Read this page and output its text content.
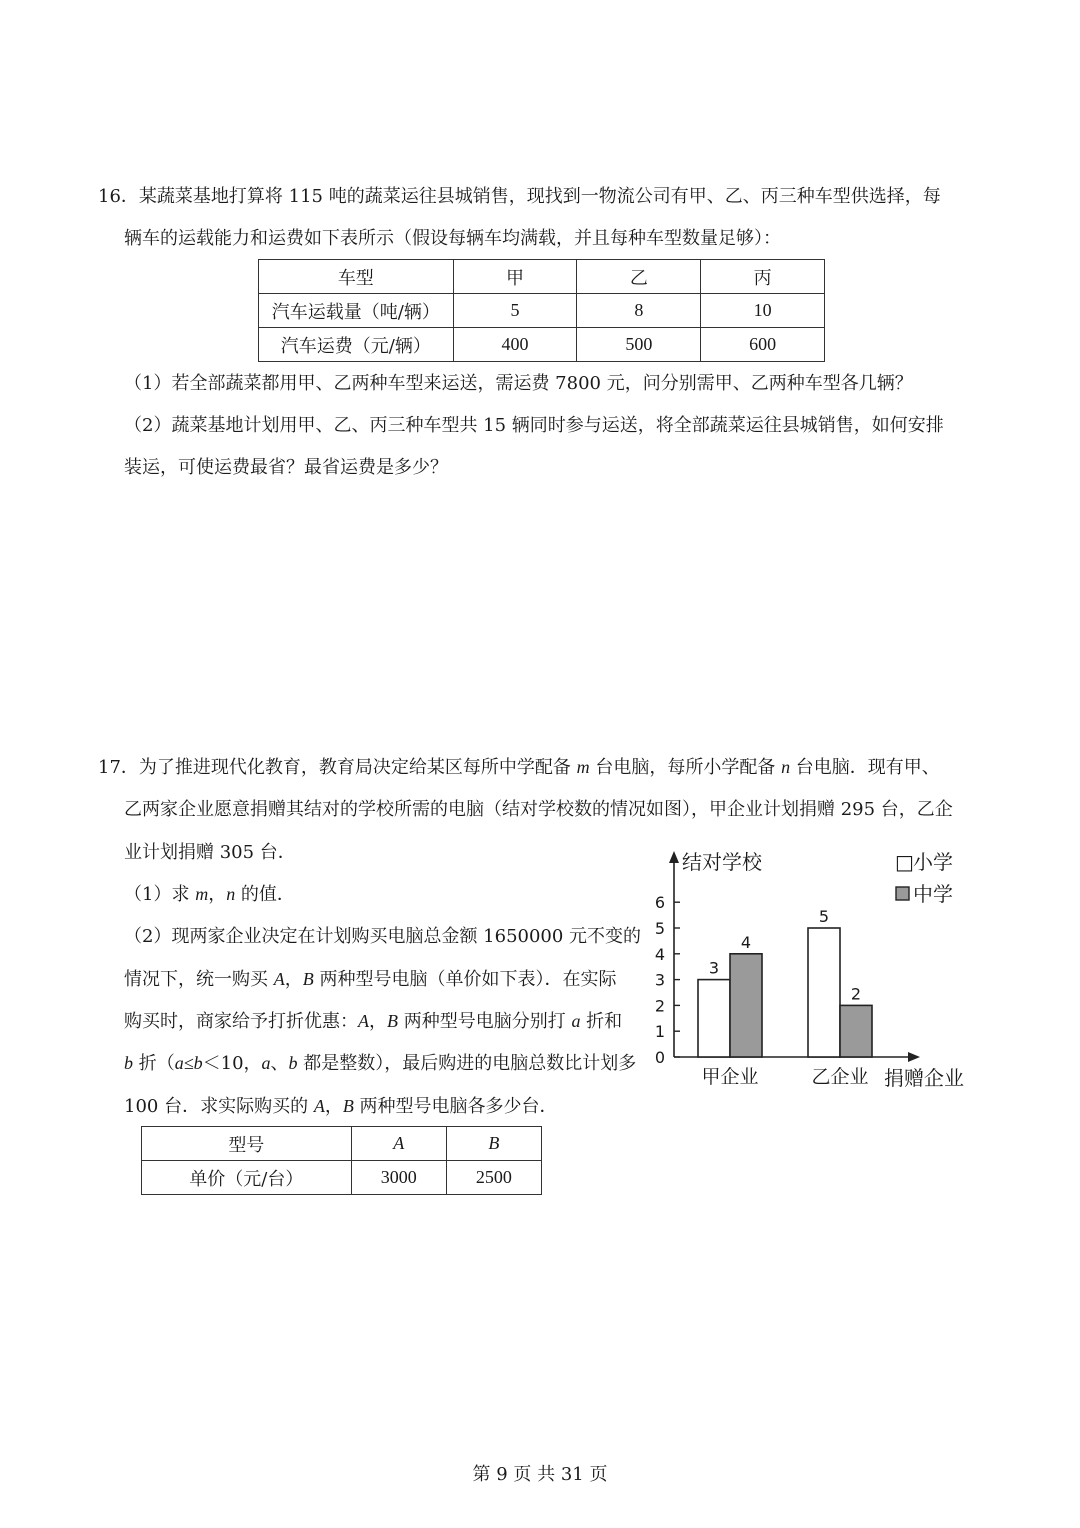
16．某蔬菜基地打算将 115 吨的蔬菜运往县城销售，现找到一物流公司有甲、乙、丙三种车型供选择，每
辆车的运载能力和运费如下表所示（假设每辆车均满载，并且每种车型数量足够）：
车型	甲	乙	丙
汽车运载量（吨/辆）	5	8	10
汽车运费（元/辆）	400	500	600
（1）若全部蔬菜都用甲、乙两种车型来运送，需运费 7800 元，问分别需甲、乙两种车型各几辆？
（2）蔬菜基地计划用甲、乙、丙三种车型共 15 辆同时参与运送，将全部蔬菜运往县城销售，如何安排
装运，可使运费最省？最省运费是多少？
17．为了推进现代化教育，教育局决定给某区每所中学配备 m 台电脑，每所小学配备 n 台电脑．现有甲、
乙两家企业愿意捐赠其结对的学校所需的电脑（结对学校数的情况如图），甲企业计划捐赠 295 台，乙企
业计划捐赠 305 台．
（1）求 m，n 的值．
（2）现两家企业决定在计划购买电脑总金额 1650000 元不变的
情况下，统一购买 A，B 两种型号电脑（单价如下表）．在实际
购买时，商家给予打折优惠：A，B 两种型号电脑分别打 a 折和
b 折（a≤b＜10，a、b 都是整数），最后购进的电脑总数比计划多
100 台．求实际购买的 A，B 两种型号电脑各多少台．
型号	A	B
单价（元/台）	3000	2500
结对学校
捐赠企业
□ 小学
中学
0
1
2
3
4
5
6
3
4
甲企业
5
2
乙企业
第 9 页 共 31 页
